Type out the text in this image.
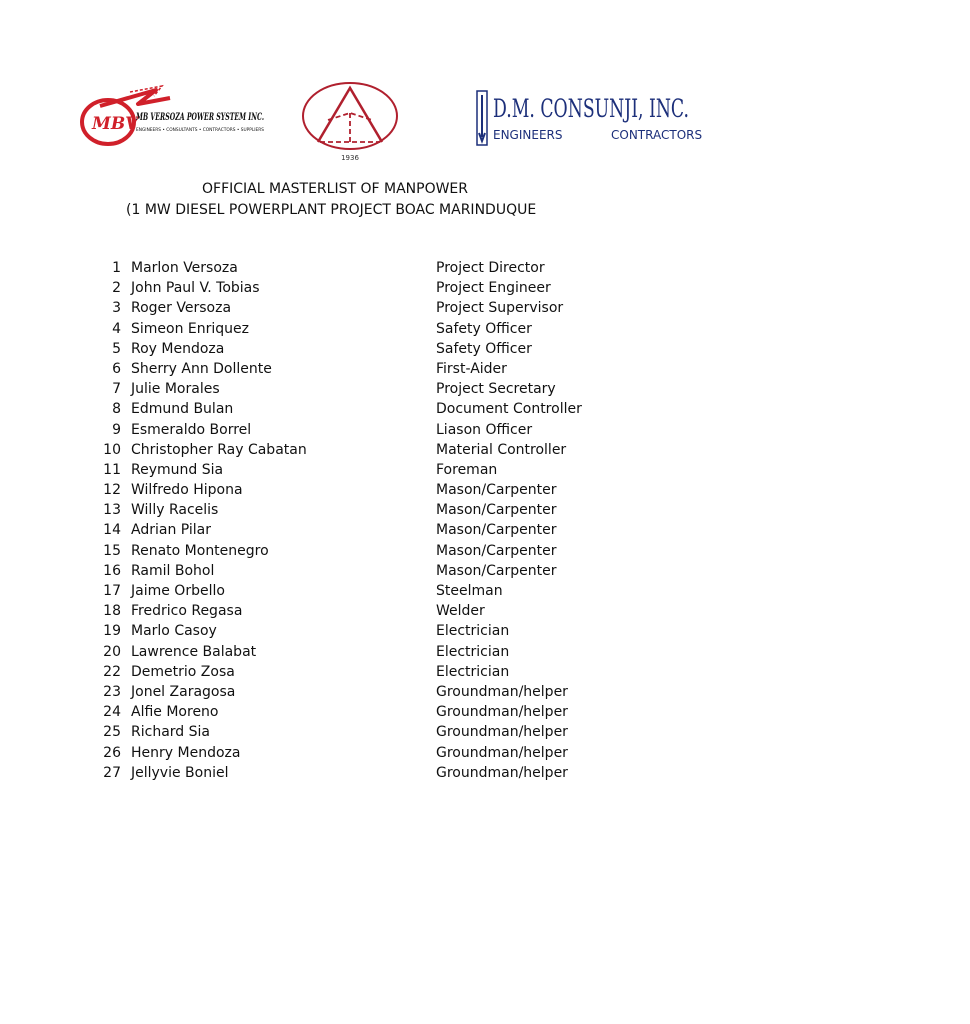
MBV
MB VERSOZA POWER SYSTEM INC.
ENGINEERS • CONSULTANTS • CONTRACTORS • SUPPLIERS
1936
D.M. CONSUNJI, INC.
ENGINEERS	CONTRACTORS
OFFICIAL MASTERLIST OF MANPOWER
(1 MW DIESEL POWERPLANT PROJECT BOAC MARINDUQUE
1 Marlon Versoza	Project Director
2 John Paul V. Tobias	Project Engineer
3 Roger Versoza	Project Supervisor
4 Simeon Enriquez	Safety Officer
5 Roy Mendoza	Safety Officer
6 Sherry Ann Dollente	First-Aider
7 Julie Morales	Project Secretary
8 Edmund Bulan	Document Controller
9 Esmeraldo Borrel	Liason Officer
10 Christopher Ray Cabatan	Material Controller
11 Reymund Sia	Foreman
12 Wilfredo Hipona	Mason/Carpenter
13 Willy Racelis	Mason/Carpenter
14 Adrian Pilar	Mason/Carpenter
15 Renato Montenegro	Mason/Carpenter
16 Ramil Bohol	Mason/Carpenter
17 Jaime Orbello	Steelman
18 Fredrico Regasa	Welder
19 Marlo Casoy	Electrician
20 Lawrence Balabat	Electrician
22 Demetrio Zosa	Electrician
23 Jonel Zaragosa	Groundman/helper
24 Alfie Moreno	Groundman/helper
25 Richard Sia	Groundman/helper
26 Henry Mendoza	Groundman/helper
27 Jellyvie Boniel	Groundman/helper
